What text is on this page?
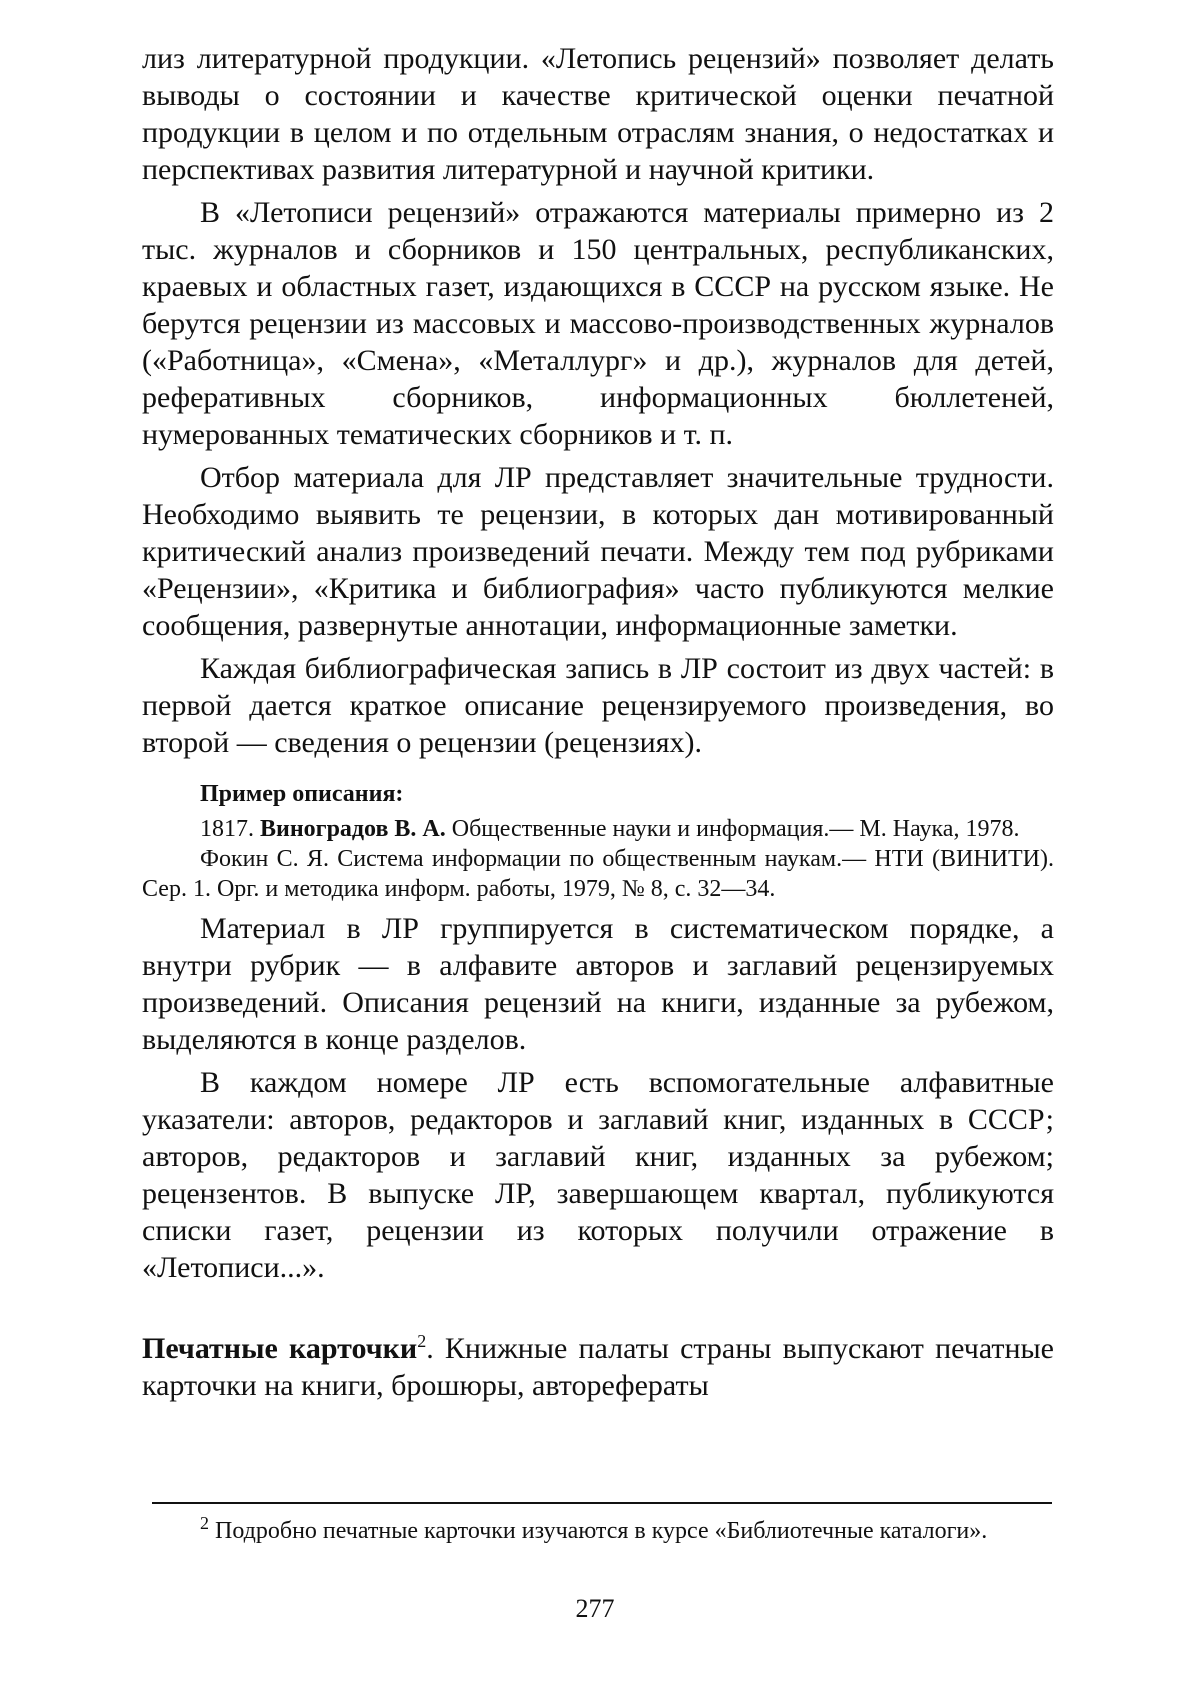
лиз литературной продукции. «Летопись рецензий» позволяет делать выводы о состоянии и качестве критической оценки печатной продукции в целом и по отдельным отраслям знания, о недостатках и перспективах развития литературной и научной критики.

В «Летописи рецензий» отражаются материалы примерно из 2 тыс. журналов и сборников и 150 центральных, республиканских, краевых и областных газет, издающихся в СССР на русском языке. Не берутся рецензии из массовых и массово-производственных журналов («Работница», «Смена», «Металлург» и др.), журналов для детей, реферативных сборников, информационных бюллетеней, нумерованных тематических сборников и т. п.

Отбор материала для ЛР представляет значительные трудности. Необходимо выявить те рецензии, в которых дан мотивированный критический анализ произведений печати. Между тем под рубриками «Рецензии», «Критика и библиография» часто публикуются мелкие сообщения, развернутые аннотации, информационные заметки.

Каждая библиографическая запись в ЛР состоит из двух частей: в первой дается краткое описание рецензируемого произведения, во второй — сведения о рецензии (рецензиях).

Пример описания:

1817. Виноградов В. А. Общественные науки и информация.— М. Наука, 1978.

Фокин С. Я. Система информации по общественным наукам.— НТИ (ВИНИТИ). Сер. 1. Орг. и методика информ. работы, 1979, № 8, с. 32—34.

Материал в ЛР группируется в систематическом порядке, а внутри рубрик — в алфавите авторов и заглавий рецензируемых произведений. Описания рецензий на книги, изданные за рубежом, выделяются в конце разделов.

В каждом номере ЛР есть вспомогательные алфавитные указатели: авторов, редакторов и заглавий книг, изданных в СССР; авторов, редакторов и заглавий книг, изданных за рубежом; рецензентов. В выпуске ЛР, завершающем квартал, публикуются списки газет, рецензии из которых получили отражение в «Летописи...».

Печатные карточки$^2$. Книжные палаты страны выпускают печатные карточки на книги, брошюры, авторефераты

$^2$ Подробно печатные карточки изучаются в курсе «Библиотечные каталоги».

277
